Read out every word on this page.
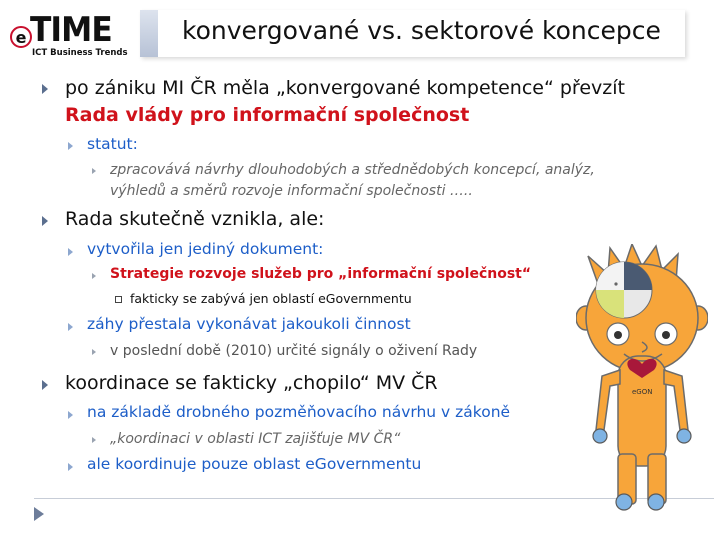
e TIME
ICT Business Trends
konvergované vs. sektorové koncepce
po zániku MI ČR měla „konvergované kompetence“ převzít
Rada vlády pro informační společnost
statut:
zpracovává návrhy dlouhodobých a střednědobých koncepcí, analýz,
výhledů a směrů rozvoje informační společnosti …..
Rada skutečně vznikla, ale:
vytvořila jen jediný dokument:
Strategie rozvoje služeb pro „informační společnost“
fakticky se zabývá jen oblastí eGovernmentu
záhy přestala vykonávat jakoukoli činnost
v poslední době (2010) určité signály o oživení Rady
koordinace se fakticky „chopilo“ MV ČR
na základě drobného pozměňovacího návrhu v zákoně
„koordinaci v oblasti ICT zajišťuje MV ČR“
ale koordinuje pouze oblast eGovernmentu
eGON
